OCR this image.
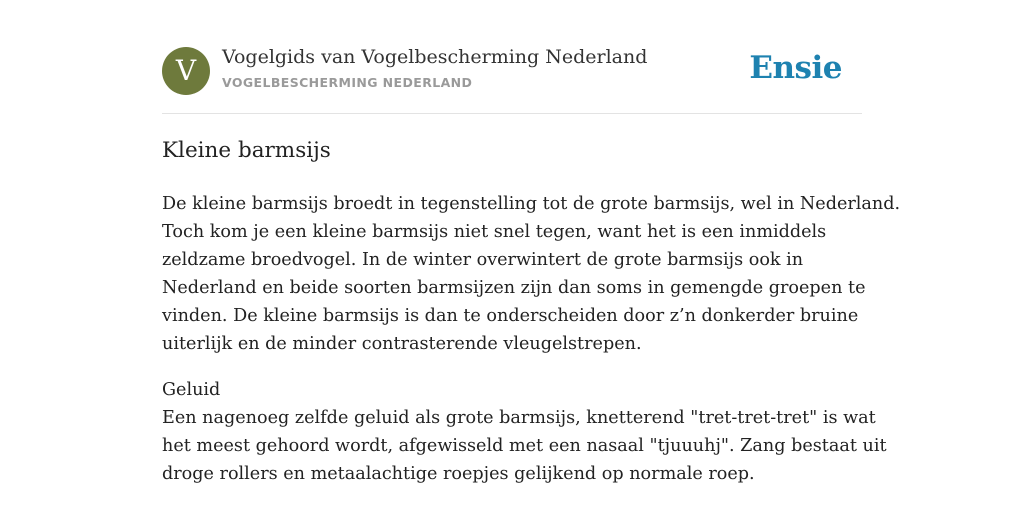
V	Vogelgids van Vogelbescherming Nederland
VOGELBESCHERMING NEDERLAND	Ensie
Kleine barmsijs

De kleine barmsijs broedt in tegenstelling tot de grote barmsijs, wel in Nederland.
Toch kom je een kleine barmsijs niet snel tegen, want het is een inmiddels
zeldzame broedvogel. In de winter overwintert de grote barmsijs ook in
Nederland en beide soorten barmsijzen zijn dan soms in gemengde groepen te
vinden. De kleine barmsijs is dan te onderscheiden door z’n donkerder bruine
uiterlijk en de minder contrasterende vleugelstrepen.

Geluid
Een nagenoeg zelfde geluid als grote barmsijs, knetterend "tret-tret-tret" is wat
het meest gehoord wordt, afgewisseld met een nasaal "tjuuuhj". Zang bestaat uit
droge rollers en metaalachtige roepjes gelijkend op normale roep.
